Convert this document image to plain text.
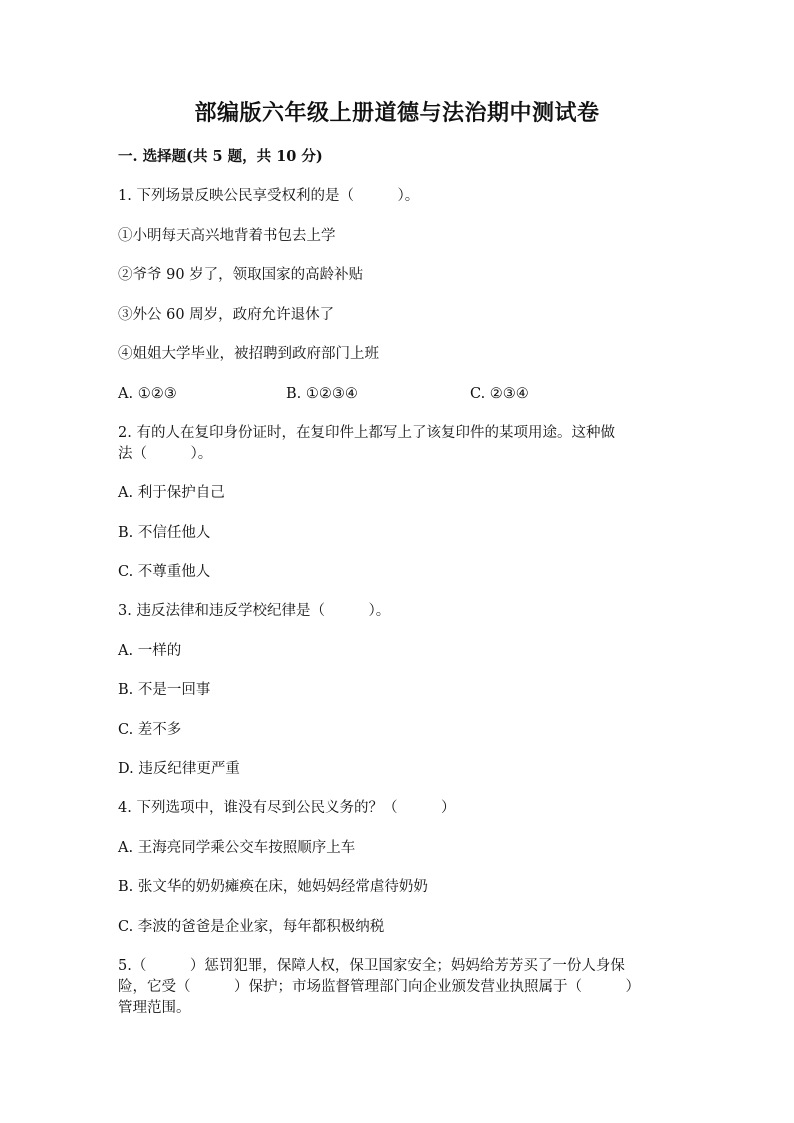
部编版六年级上册道德与法治期中测试卷
一. 选择题(共 5 题，共 10 分)
1. 下列场景反映公民享受权利的是（　　　）。
①小明每天高兴地背着书包去上学
②爷爷 90 岁了，领取国家的高龄补贴
③外公 60 周岁，政府允许退休了
④姐姐大学毕业，被招聘到政府部门上班
A. ①②③	B. ①②③④	C. ②③④
2. 有的人在复印身份证时，在复印件上都写上了该复印件的某项用途。这种做
法（　　　）。
A. 利于保护自己
B. 不信任他人
C. 不尊重他人
3. 违反法律和违反学校纪律是（　　　）。
A. 一样的
B. 不是一回事
C. 差不多
D. 违反纪律更严重
4. 下列选项中，谁没有尽到公民义务的？（　　　）
A. 王海亮同学乘公交车按照顺序上车
B. 张文华的奶奶瘫痪在床，她妈妈经常虐待奶奶
C. 李波的爸爸是企业家，每年都积极纳税
5.（　　　）惩罚犯罪，保障人权，保卫国家安全；妈妈给芳芳买了一份人身保
险，它受（　　　）保护；市场监督管理部门向企业颁发营业执照属于（　　　）
管理范围。
